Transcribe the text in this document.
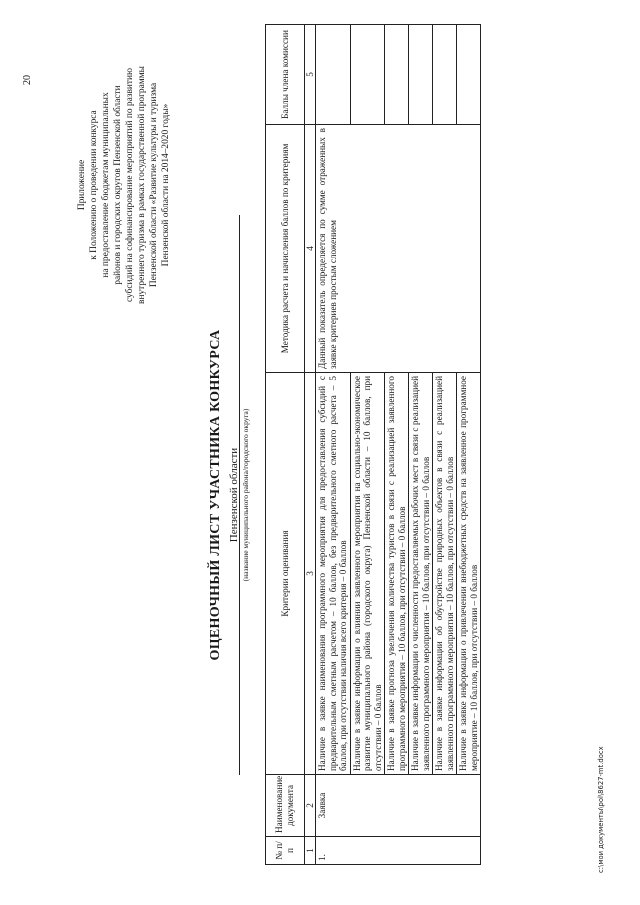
20
Приложение к Положению о проведении конкурса на предоставление бюджетам муниципальных районов и городских округов Пензенской области субсидий на софинансирование мероприятий по развитию внутреннего туризма в рамках государственной программы Пензенской области «Развитие культуры и туризма Пензенской области на 2014–2020 годы»
ОЦЕНОЧНЫЙ ЛИСТ УЧАСТНИКА КОНКУРСА Пензенской области (название муниципального района/городского округа)
№ п/п	Наименование документа	Критерии оценивания	Методика расчета и начисления баллов по критериям	Баллы члена комиссии
1	2	3	4	5
1.	Заявка	Наличие в заявке наименования программного мероприятия для предоставления субсидий с предварительным сметным расчетом – 10 баллов, без предварительного сметного расчета – 5 баллов, при отсутствии наличия всего критерия – 0 баллов	Данный показатель определяется по сумме отраженных в заявке критериев простым сложением	
		Наличие в заявке информации о влиянии заявленного мероприятия на социально-экономическое развитие муниципального района (городского округа) Пензенской области – 10 баллов, при отсутствии – 0 баллов		
		Наличие в заявке прогноза увеличения количества туристов в связи с реализацией заявленного программного мероприятия – 10 баллов, при отсутствии – 0 баллов		
		Наличие в заявке информации о численности предоставляемых рабочих мест в связи с реализацией заявленного программного мероприятия – 10 баллов, при отсутствии – 0 баллов		
		Наличие в заявке информации об обустройстве природных объектов в связи с реализацией заявленного программного мероприятия – 10 баллов, при отсутствии – 0 баллов		
		Наличие в заявке информации о привлечении внебюджетных средств на заявленное программное мероприятие – 10 баллов, при отсутствии – 0 баллов		
c:\мои документы\pol\8627-mt.docx
